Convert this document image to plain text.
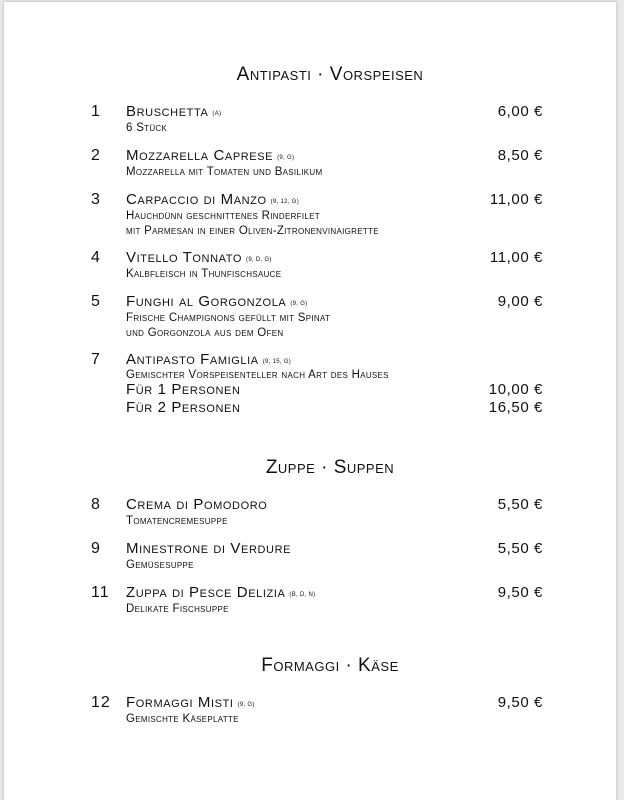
Antipasti · Vorspeisen
1 Bruschetta (A)	6,00 €
6 Stück
2 Mozzarella Caprese (9, G)	8,50 €
Mozzarella mit Tomaten und Basilikum
3 Carpaccio di Manzo (9, 12, G)	11,00 €
Hauchdünn geschnittenes Rinderfilet
mit Parmesan in einer Oliven-Zitronenvinaigrette
4 Vitello Tonnato (9, D, G)	11,00 €
Kalbfleisch in Thunfischsauce
5 Funghi al Gorgonzola (9, G)	9,00 €
Frische Champignons gefüllt mit Spinat
und Gorgonzola aus dem Ofen
7 Antipasto Famiglia (9, 15, G)
Gemischter Vorspeisenteller nach Art des Hauses
Für 1 Personen	10,00 €
Für 2 Personen	16,50 €
Zuppe · Suppen
8 Crema di Pomodoro	5,50 €
Tomatencremesuppe
9 Minestrone di Verdure	5,50 €
Gemüsesuppe
11 Zuppa di Pesce Delizia (B, D, N)	9,50 €
Delikate Fischsuppe
Formaggi · Käse
12 Formaggi Misti (9, G)	9,50 €
Gemischte Käseplatte
